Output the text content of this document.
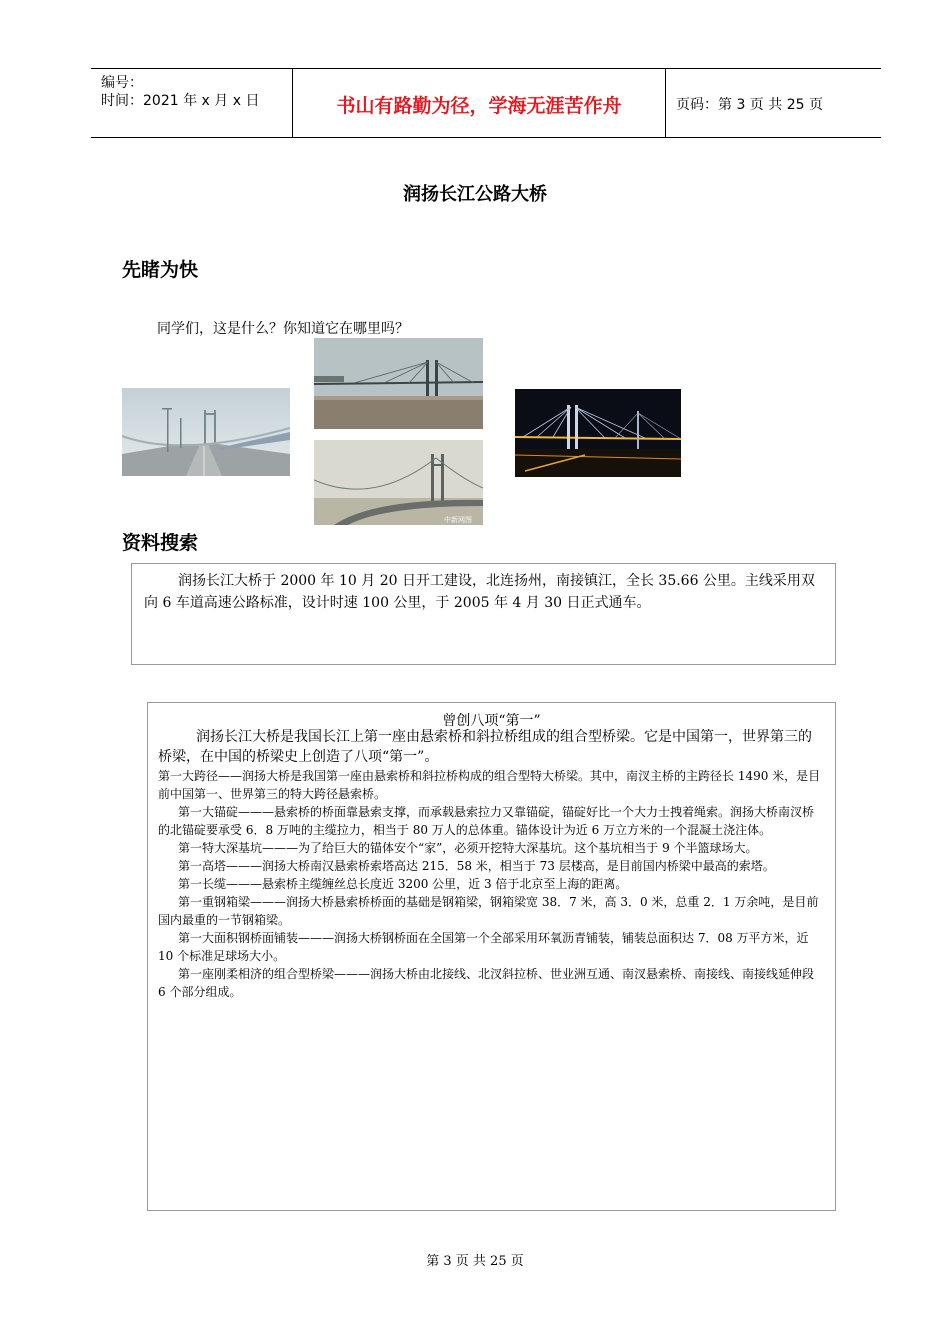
编号：
时间：2021 年 x 月 x 日	书山有路勤为径，学海无涯苦作舟	页码：第 3 页 共 25 页
润扬长江公路大桥
先睹为快
同学们，这是什么？你知道它在哪里吗？
中新网图
资料搜索

润扬长江大桥于 2000 年 10 月 20 日开工建设，北连扬州，南接镇江，全长 35.66 公里。主线采用双向 6 车道高速公路标准，设计时速 100 公里，于 2005 年 4 月 30 日正式通车。

曾创八项“第一”

润扬长江大桥是我国长江上第一座由悬索桥和斜拉桥组成的组合型桥梁。它是中国第一，世界第三的桥梁，在中国的桥梁史上创造了八项“第一”。

第一大跨径——润扬大桥是我国第一座由悬索桥和斜拉桥构成的组合型特大桥梁。其中，南汊主桥的主跨径长 1490 米，是目前中国第一、世界第三的特大跨径悬索桥。

第一大锚碇———悬索桥的桥面靠悬索支撑，而承载悬索拉力又靠锚碇，锚碇好比一个大力士拽着绳索。润扬大桥南汊桥的北锚碇要承受 6．8 万吨的主缆拉力，相当于 80 万人的总体重。锚体设计为近 6 万立方米的一个混凝土浇注体。

第一特大深基坑———为了给巨大的锚体安个“家”，必须开挖特大深基坑。这个基坑相当于 9 个半篮球场大。

第一高塔———润扬大桥南汉悬索桥索塔高达 215．58 米，相当于 73 层楼高，是目前国内桥梁中最高的索塔。

第一长缆———悬索桥主缆缠丝总长度近 3200 公里，近 3 倍于北京至上海的距离。

第一重钢箱梁———润扬大桥悬索桥桥面的基础是钢箱梁，钢箱梁宽 38．7 米，高 3．0 米，总重 2．1 万余吨，是目前国内最重的一节钢箱梁。

第一大面积钢桥面铺装———润扬大桥钢桥面在全国第一个全部采用环氧沥青铺装，铺装总面积达 7．08 万平方米，近 10 个标准足球场大小。

第一座刚柔相济的组合型桥梁———润扬大桥由北接线、北汊斜拉桥、世业洲互通、南汊悬索桥、南接线、南接线延伸段 6 个部分组成。

第 3 页 共 25 页
